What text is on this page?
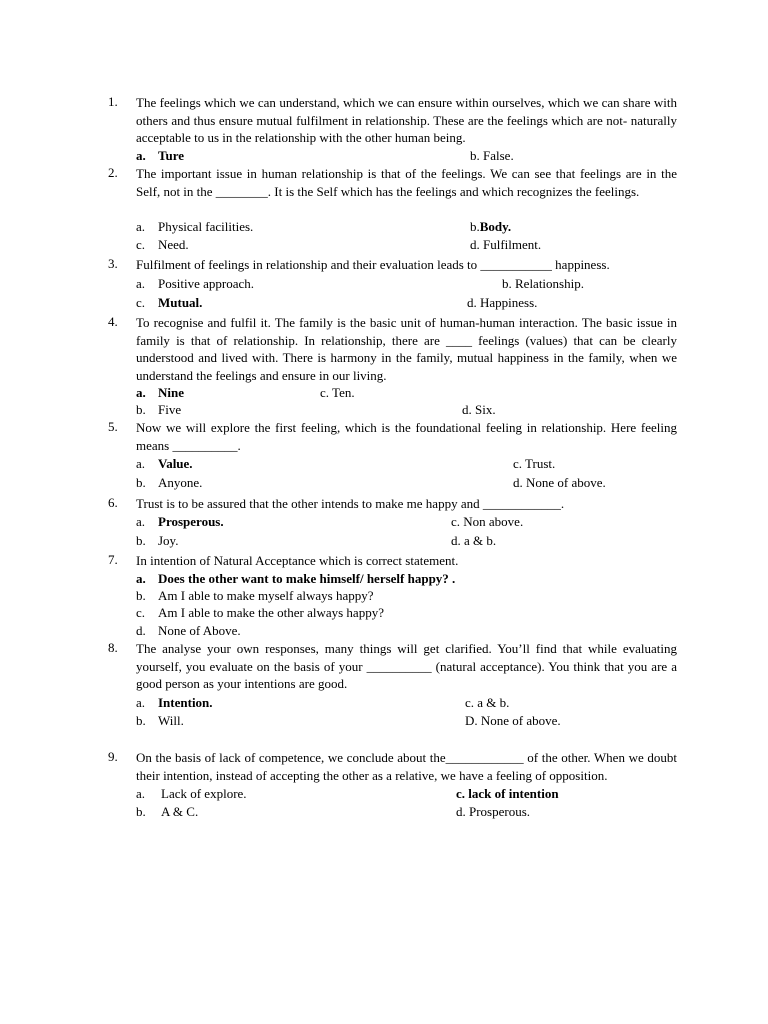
1.	The feelings which we can understand, which we can ensure within ourselves, which we can share with others and thus ensure mutual fulfilment in relationship. These are the feelings which are not- naturally acceptable to us in the relationship with the other human being.
a. Ture	b. False.
2.	The important issue in human relationship is that of the feelings. We can see that feelings are in the Self, not in the ________. It is the Self which has the feelings and which recognizes the feelings.
a. Physical facilities.	b.Body.
c. Need.	d. Fulfilment.
3.	Fulfilment of feelings in relationship and their evaluation leads to ___________ happiness.
a. Positive approach.	b. Relationship.
c. Mutual.	d. Happiness.
4.	To recognise and fulfil it. The family is the basic unit of human-human interaction. The basic issue in family is that of relationship. In relationship, there are ____ feelings (values) that can be clearly understood and lived with. There is harmony in the family, mutual happiness in the family, when we understand the feelings and ensure in our living.
a. Nine	c. Ten.
b. Five	d. Six.
5.	Now we will explore the first feeling, which is the foundational feeling in relationship. Here feeling means __________.
a. Value.	c. Trust.
b. Anyone.	d. None of above.
6.	Trust is to be assured that the other intends to make me happy and ____________.
a. Prosperous.	c. Non above.
b. Joy.	d. a & b.
7.	In intention of Natural Acceptance which is correct statement.
a. Does the other want to make himself/ herself happy? .
b. Am I able to make myself always happy?
c. Am I able to make the other always happy?
d. None of Above.
8.	The analyse your own responses, many things will get clarified. You’ll find that while evaluating yourself, you evaluate on the basis of your __________ (natural acceptance). You think that you are a good person as your intentions are good.
a. Intention.	c. a & b.
b. Will.	D. None of above.
9.	On the basis of lack of competence, we conclude about the____________ of the other. When we doubt their intention, instead of accepting the other as a relative, we have a feeling of opposition.
a. Lack of explore.	c. lack of intention
b. A & C.	d. Prosperous.
